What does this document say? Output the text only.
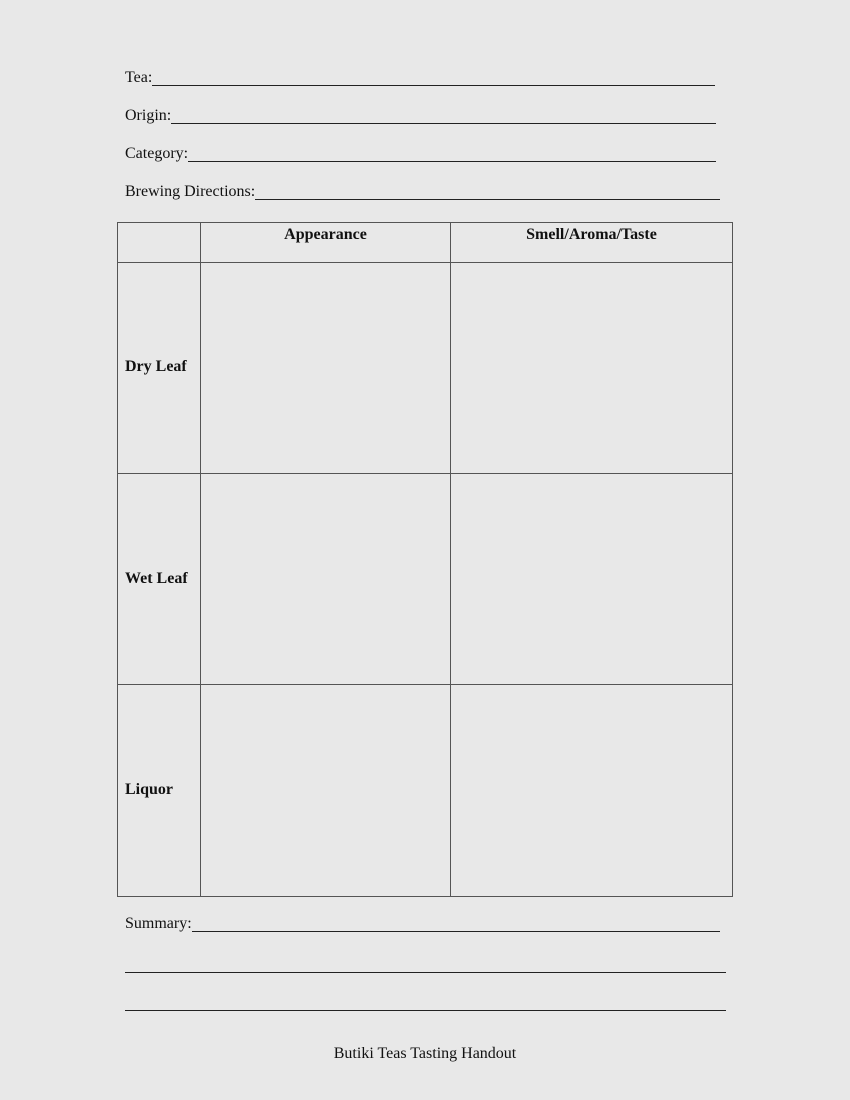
Tea:
Origin:
Category:
Brewing Directions:
Appearance	Smell/Aroma/Taste
Dry Leaf
Wet Leaf
Liquor
Summary:
Butiki Teas Tasting Handout
